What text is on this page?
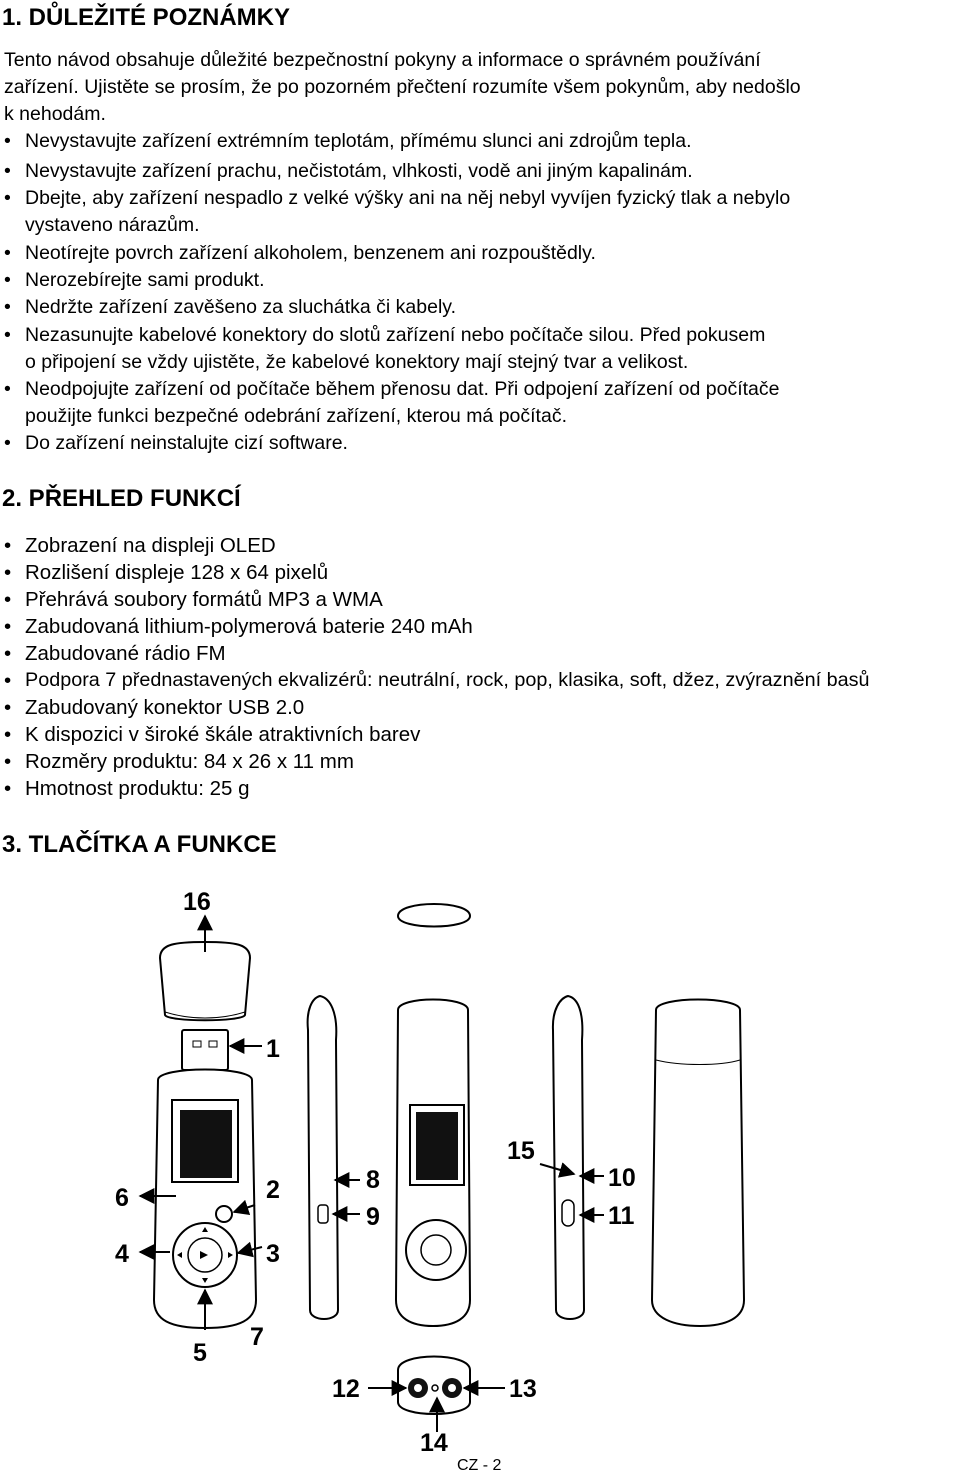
1. DŮLEŽITÉ POZNÁMKY
Tento návod obsahuje důležité bezpečnostní pokyny a informace o správném používání
zařízení. Ujistěte se prosím, že po pozorném přečtení rozumíte všem pokynům, aby nedošlo
k nehodám.
• Nevystavujte zařízení extrémním teplotám, přímému slunci ani zdrojům tepla.
• Nevystavujte zařízení prachu, nečistotám, vlhkosti, vodě ani jiným kapalinám.
• Dbejte, aby zařízení nespadlo z velké výšky ani na něj nebyl vyvíjen fyzický tlak a nebylo
vystaveno nárazům.
• Neotírejte povrch zařízení alkoholem, benzenem ani rozpouštědly.
• Nerozebírejte sami produkt.
• Nedržte zařízení zavěšeno za sluchátka či kabely.
• Nezasunujte kabelové konektory do slotů zařízení nebo počítače silou. Před pokusem
o připojení se vždy ujistěte, že kabelové konektory mají stejný tvar a velikost.
• Neodpojujte zařízení od počítače během přenosu dat. Při odpojení zařízení od počítače
použijte funkci bezpečné odebrání zařízení, kterou má počítač.
• Do zařízení neinstalujte cizí software.
2. PŘEHLED FUNKCÍ
• Zobrazení na displeji OLED
• Rozlišení displeje 128 x 64 pixelů
• Přehrává soubory formátů MP3 a WMA
• Zabudovaná lithium-polymerová baterie 240 mAh
• Zabudované rádio FM
• Podpora 7 přednastavených ekvalizérů: neutrální, rock, pop, klasika, soft, džez, zvýraznění basů
• Zabudovaný konektor USB 2.0
• K dispozici v široké škále atraktivních barev
• Rozměry produktu: 84 x 26 x 11 mm
• Hmotnost produktu: 25 g
3. TLAČÍTKA A FUNKCE
16
1
6	2
4	3
5
7
8
9
15
10
11
12	13
14
CZ - 2
